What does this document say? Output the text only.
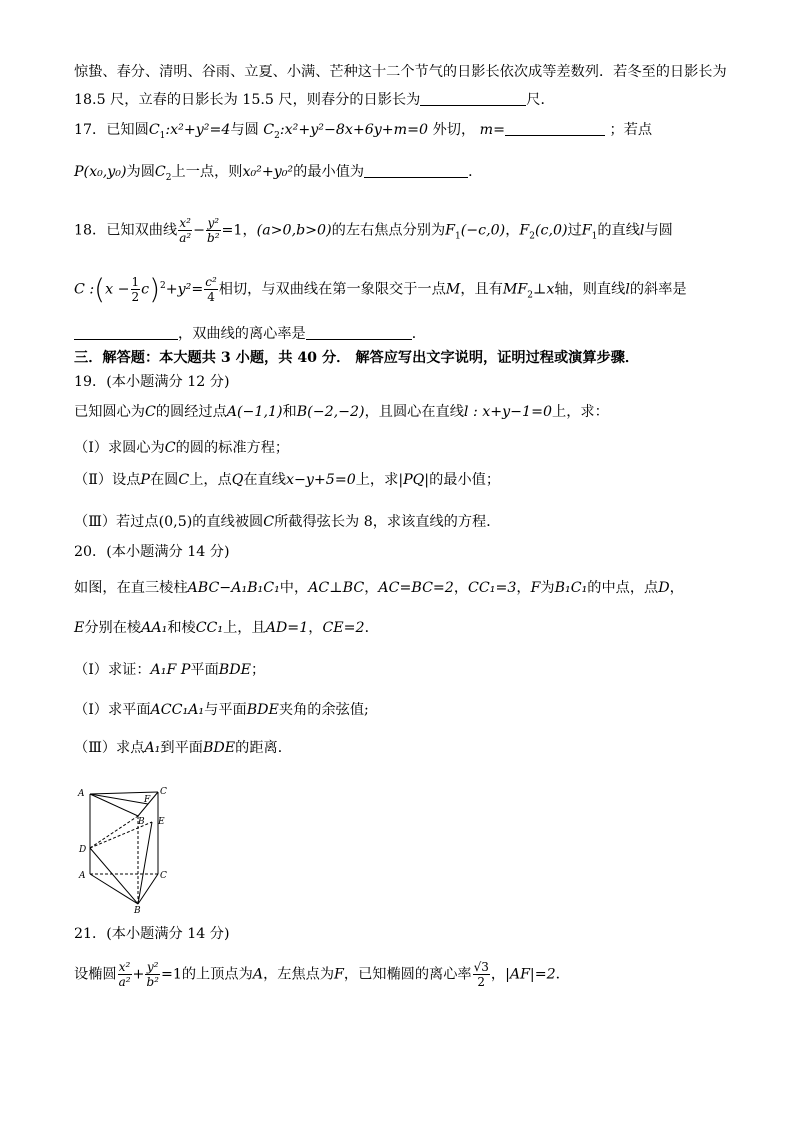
惊蛰、春分、清明、谷雨、立夏、小满、芒种这十二个节气的日影长依次成等差数列．若冬至的日影长为
18.5 尺，立春的日影长为 15.5 尺，则春分的日影长为	尺．
17．已知圆$C_1:x^2+y^2=4$与圆 $C_2:x^2+y^2-8x+6y+m=0$ 外切， m=	；若点
P(x₀,y₀)为圆$C_2$上一点，则x₀²+y₀²的最小值为	．
18．已知双曲线 $\frac{\text{x²}}{\text{a²}} - \frac{\text{y²}}{\text{b²}} =1$，(a>0,b>0)的左右焦点分别为$F_1(-c,0)$，$F_2(c,0)$过$F_1$的直线l与圆
C :(x − $\frac{1}{2} c)^2+y^2= \frac{\text{c²}}{4}$ 相切，与双曲线在第一象限交于一点M，且有$MF_2\perp x$轴，则直线l的斜率是
，双曲线的离心率是	．
三．解答题：本大题共 3 小题，共 40 分． 解答应写出文字说明，证明过程或演算步骤．
19．(本小题满分 12 分)
已知圆心为C的圆经过点A(−1,1)和B(−2,−2)，且圆心在直线l : x+y−1=0上，求：
（Ⅰ）求圆心为C的圆的标准方程；
（Ⅱ）设点P在圆C上，点Q在直线x−y+5=0上，求|PQ|的最小值；
（Ⅲ）若过点(0,5)的直线被圆C所截得弦长为 8，求该直线的方程．
20．(本小题满分 14 分)
如图，在直三棱柱ABC−A₁B₁C₁中，AC⊥BC，AC=BC=2，CC₁=3，F为B₁C₁的中点，点D，
E分别在棱AA₁和棱CC₁上，且AD=1，CE=2．
（Ⅰ）求证：A₁F P平面BDE；
（Ⅰ）求平面ACC₁A₁与平面BDE夹角的余弦值;
（Ⅲ）求点A₁到平面BDE的距离．
21．(本小题满分 14 分)
设椭圆 $\frac{\text{x²}}{\text{a²}} + \frac{\text{y²}}{\text{b²}} =1$的上顶点为A，左焦点为F，已知椭圆的离心率 $\frac{√3}{2}$ ，|AF|=2．
A	C
F
B E
D
A	C
B
